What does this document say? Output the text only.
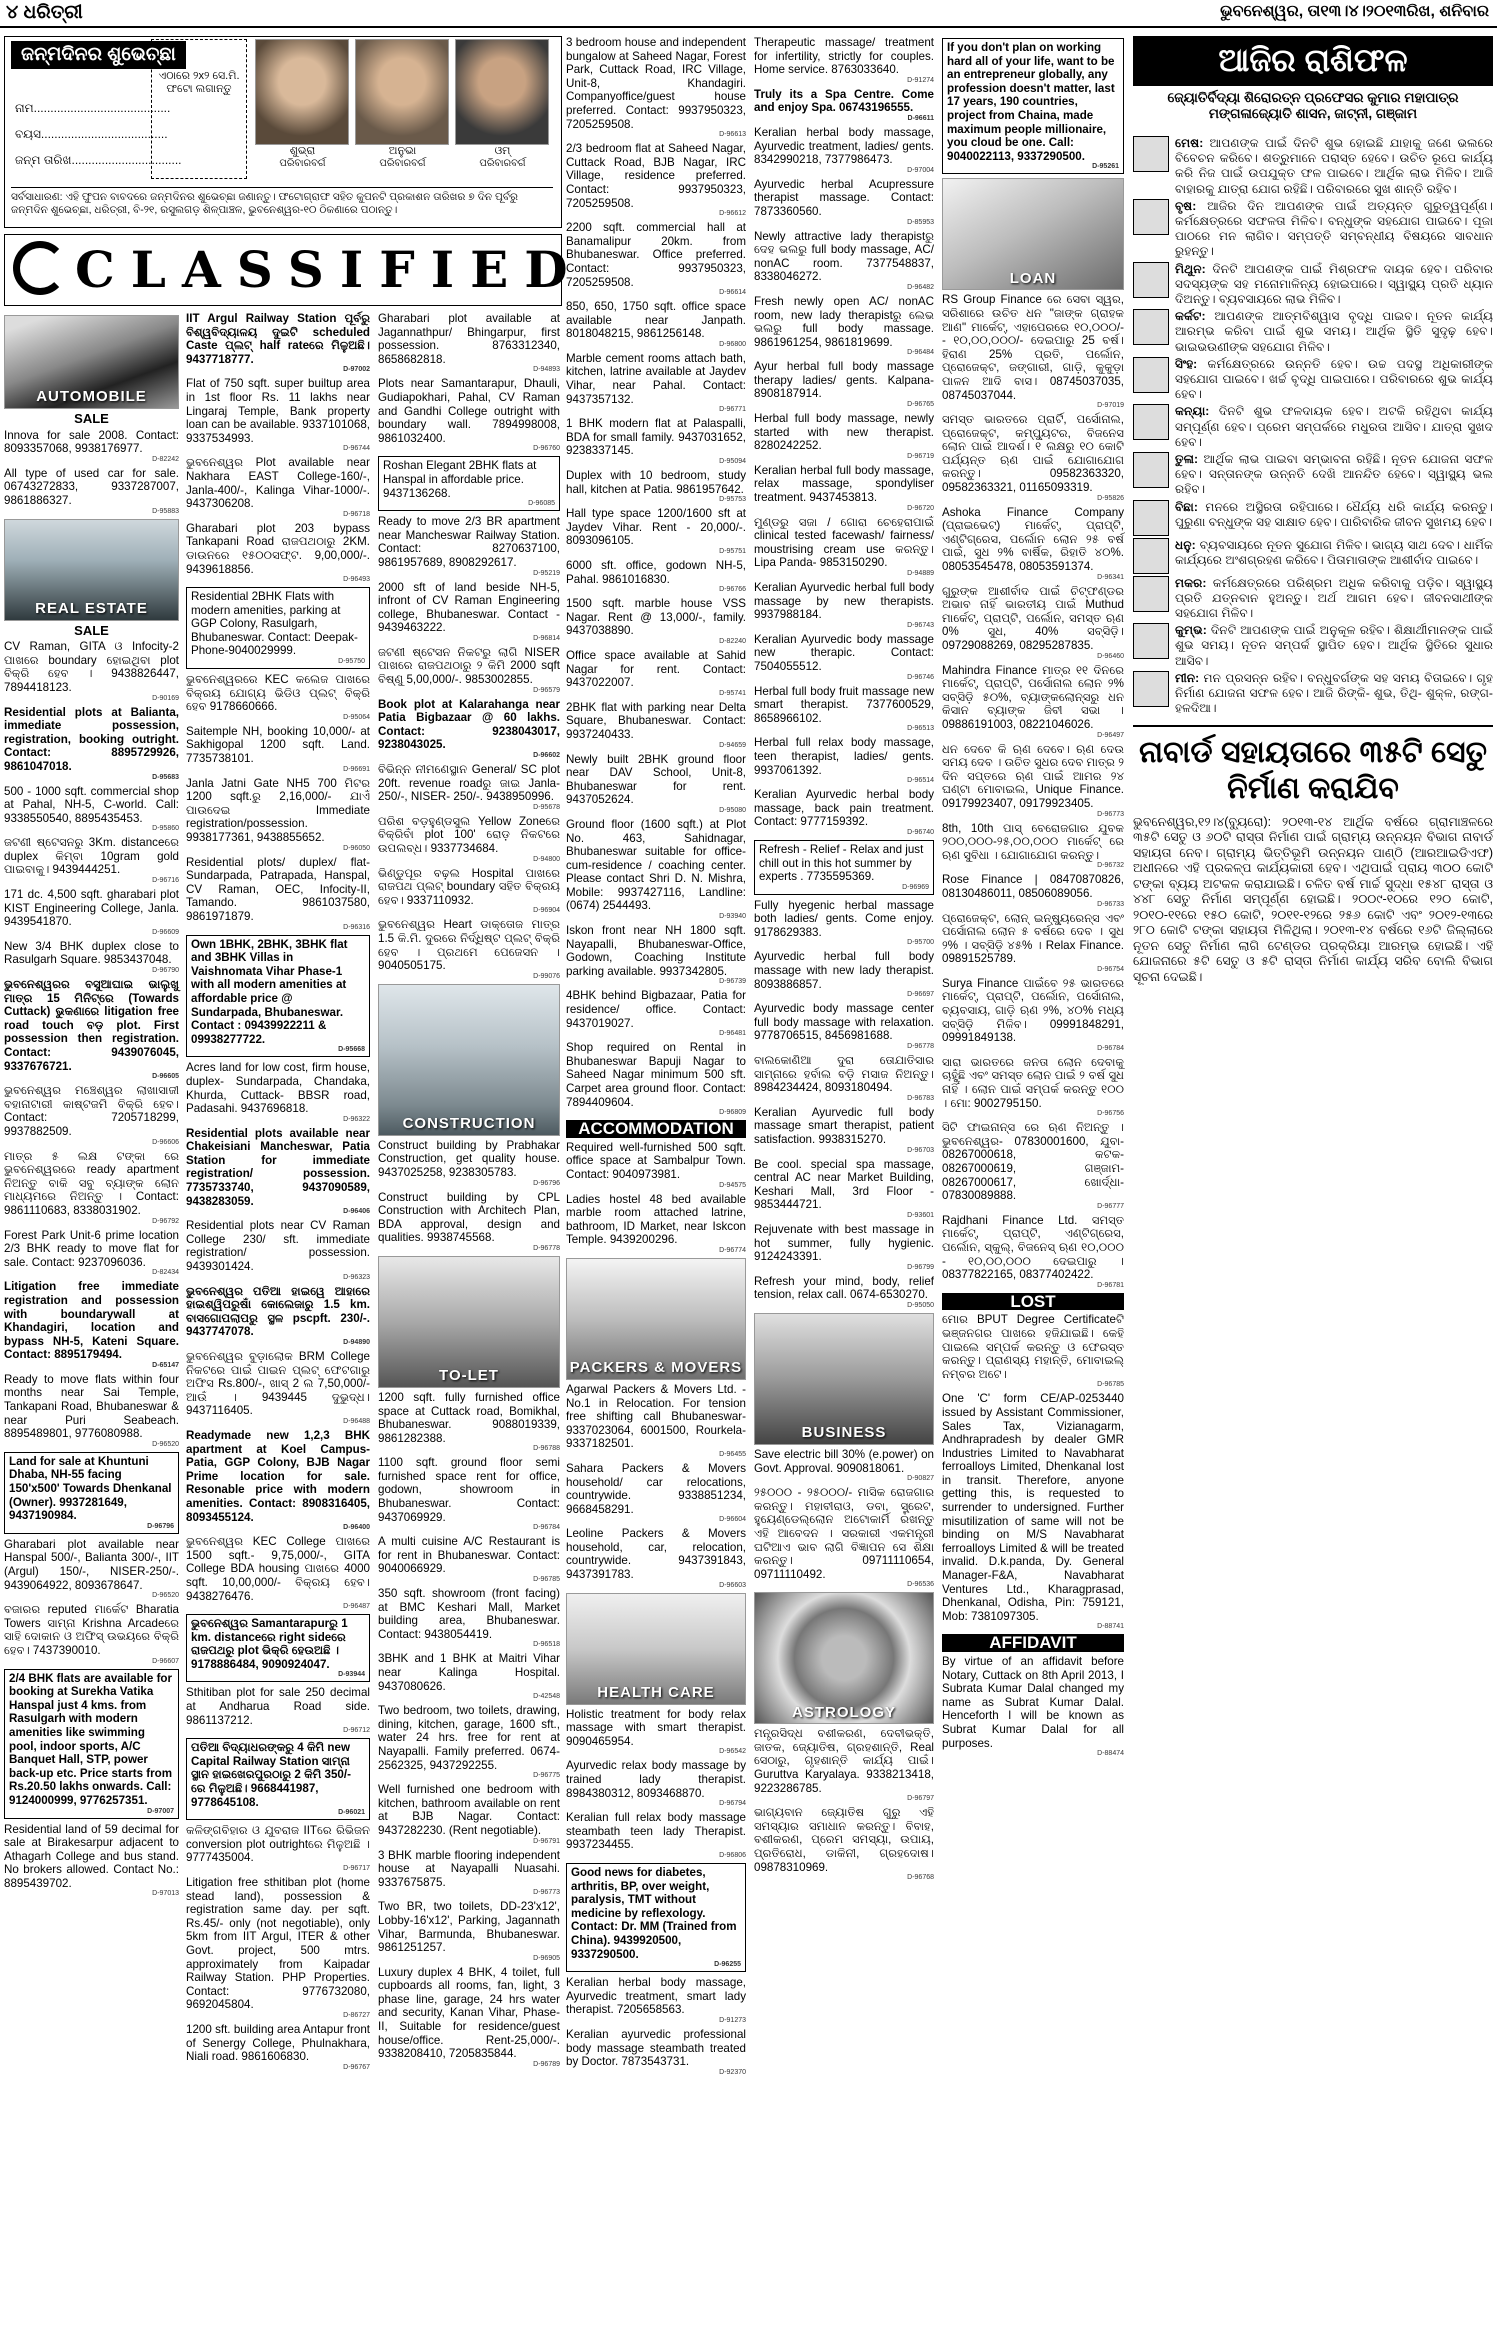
୪ ଧରିତ୍ରୀ	ଭୁବନେଶ୍ୱର, ତା୧୩।୪।୨୦୧୩ରିଖ, ଶନିବାର
ଜନ୍ମଦିନର ଶୁଭେଚ୍ଛା
ନାମ.........................................
ବୟସ......................................
ଜନ୍ମ ତାରିଖ.................................
ଏଠାରେ ୨x୨ ସେ.ମି. ଫଟୋ ଲଗାନ୍ତୁ
ଶୁଭ୍ରା
ପରିବାରବର୍ଗ
ଅନୁଭା
ପରିବାରବର୍ଗ
ଓମ୍
ପରିବାରବର୍ଗ
ସର୍ବସାଧାରଣ: ଏହି ଫୁପନ ବାବଦରେ ଜନ୍ମଦିନର ଶୁଭେଚ୍ଛା ଜଣାନ୍ତୁ। ଫଟୋଗ୍ରାଫ ସହିତ କୁପନଟି ପ୍ରକାଶନ ତାରିଖର ୭ ଦିନ ପୂର୍ବରୁ ଜନ୍ମଦିନ ଶୁଭେଚ୍ଛା, ଧରିତ୍ରୀ, ବି-୨୧, ରସୁଲଗଡ଼ ଶିଳ୍ପାଞ୍ଚଳ, ଭୁବନେଶ୍ୱର-୧୦ ଠିକଣାରେ ପଠାନ୍ତୁ।
CLASSIFIED
ଆଜିର ରାଶିଫଳ
ଜ୍ୟୋତିର୍ବିଦ୍ୟା ଶିରୋରତ୍ନ ପ୍ରଫେସର କୁମାର ମହାପାତ୍ର
ମଙ୍ଗଳାଜ୍ୟୋତି ଶାସନ, ଜାଟ୍ନୀ, ଗଞ୍ଜାମ
AUTOMOBILE
SALE

Innova for sale 2008. Contact: 8093357068, 9938176977.
D-82242

All type of used car for sale. 06743272833, 9337287007, 9861886327.
D-95883

REAL ESTATE
SALE

CV Raman, GITA ଓ Infocity-2 ପାଖରେ boundary ହୋଇଥିବା plot ବିକ୍ରି ହେବ । 9438826447, 7894418123.
D-90169

Residential plots at Balianta, immediate possession, registration, booking outright. Contact: 8895729926, 9861047018.
D-95683

500 - 1000 sqft. commercial shop at Pahal, NH-5, C-world. Call: 9338550540, 8895435453.
D-95860

ଜଟଣୀ ଷ୍ଟେସନରୁ 3Km. distanceରେ duplex କିମ୍ବା 10gram gold ପାଇବାକୁ। 9439444251.
D-96716

171 dc. 4,500 sqft. gharabari plot KIST Engineering College, Janla. 9439541870.
D-96609

New 3/4 BHK duplex close to Rasulgarh Square. 9853437048.
D-96790

ଭୁବନେଶ୍ୱରର ବସୁଆଘାଇ ଭାଲୁଖୁ ମାତ୍ର 15 ମିନିଟ୍ରେ (Towards Cuttack) ଭୁକଣାରେ litigation free road touch ବଡ଼ plot. First possession then registration. Contact: 9439076045, 9337676721.
D-96605

ଭୁବନେଶ୍ୱର ମଞ୍ଚେଶ୍ୱର ଲାଖାସାଜୀ ବହାନାଟାରୀ କାଷ୍ଟଜମି ବିକ୍ରି ହେବ। Contact: 7205718299, 9937882509.
D-96606

ମାତ୍ର ୫ ଲକ୍ଷ ଟଙ୍କା ରେ ଭୁବନେଶ୍ୱରରେ ready apartment ନିଅନ୍ତୁ ବାକି ସବୁ ବ୍ୟାଙ୍କ ଲୋନ ମାଧ୍ୟମରେ ନିଅନ୍ତୁ । Contact: 9861110683, 8338031902.
D-96792

Forest Park Unit-6 prime location 2/3 BHK ready to move flat for sale. Contact: 9237096036.
D-82434

Litigation free immediate registration and possession with boundarywall at Khandagiri, location and bypass NH-5, Kateni Square. Contact: 8895179494.
D-65147

Ready to move flats within four months near Sai Temple, Tankapani Road, Bhubaneswar & near Puri Seabeach. 8895489801, 9776080988.
D-96520

Land for sale at Khuntuni Dhaba, NH-55 facing 150'x500' Towards Dhenkanal (Owner). 9937281649, 9437190984.
D-96796

Gharabari plot available near Hanspal 500/-, Balianta 300/-, IIT (Argul) 150/-, NISER-250/-. 9439064922, 8093678647.
D-96520

ବଜାରର reputed ମାର୍କେଟ Bharatia Towers ସାମ୍ନା Krishna Arcadeରେ ସାହି ଦୋକାନ ଓ ଅଫିସ୍ ଉଭୟରେ ବିକ୍ରି ହେବ। 7437390010.
D-96607

2/4 BHK flats are available for booking at Surekha Vatika Hanspal just 4 kms. from Rasulgarh with modern amenities like swimming pool, indoor sports, A/C Banquet Hall, STP, power back-up etc. Price starts from Rs.20.50 lakhs onwards. Call: 9124000999, 9776257351.
D-97007

Residential land of 59 decimal for sale at Birakesarpur adjacent to Athagarh College and bus stand. No brokers allowed. Contact No.: 8895439702.
D-97013

IIT Argul Railway Station ପୂର୍ବରୁ ବିଶ୍ୱବିଦ୍ୟାଳୟ ଦୁଇଟି scheduled Caste ପ୍ଲଟ୍ half rateରେ ମିଳୁଅଛି। 9437718777.
D-97002

Flat of 750 sqft. super builtup area in 1st floor Rs. 11 lakhs near Lingaraj Temple, Bank property loan can be available. 9337101068, 9337534993.
D-96744

ଭୁବନେଶ୍ୱର Plot available near Nakhara EAST College-160/-, Janla-400/-, Kalinga Vihar-1000/-. 9437306208.
D-96718

Gharabari plot 203 bypass Tankapani Road ରାଜପଥଠାରୁ 2KM. ଡାଉନରେ ୧୫୦୦ସଫ୍ଟ. 9,00,000/-. 9439618856.
D-96493

Residential 2BHK Flats with modern amenities, parking at GGP Colony, Rasulgarh, Bhubaneswar. Contact: Deepak- Phone-9040029999.
D-95750

ଭୁବନେଶ୍ୱରରେ KEC କଲେଜ ପାଖରେ ବିକ୍ରୟ ଯୋଗ୍ୟ ଭିଡିଓ ପ୍ଲଟ୍ ବିକ୍ରି ହେବ 9178660666.
D-95064

Saitemple NH, booking 10,000/- at Sakhigopal 1200 sqft. Land. 7735738101.
D-96691

Janla Jatni Gate NH5 700 ମିଟର 1200 sqft.ରୁ 2,16,000/- ଯାଏଁ ପାଉଦେଇ Immediate registration/possession. 9938177361, 9438855652.
D-96050

Residential plots/ duplex/ flat- Sundarpada, Patrapada, Hanspal, CV Raman, OEC, Infocity-II, Tamando. 9861037580, 9861971879.
D-96316

Own 1BHK, 2BHK, 3BHK flat and 3BHK Villas in Vaishnomata Vihar Phase-1 with all modern amenities at affordable price @ Sundarpada, Bhubaneswar. Contact : 09439922211 & 09938277722.
D-95668

Acres land for low cost, firm house, duplex- Sundarpada, Chandaka, Khurda, Cuttack- BBSR road, Padasahi. 9437696818.
D-96322

Residential plots available near Chakeisiani Mancheswar, Patia Station for immediate registration/ possession. 7735733740, 9437090589, 9438283059.
D-96406

Residential plots near CV Raman College 230/ sft. immediate registration/ possession. 9439301424.
D-96323

ଭୁବନେଶ୍ୱର ପତିଆ ହାଇୱେ ଆହାରେ ହାଇଶ୍ୱିପରୁଷାଁ କୋଲେଜାରୁ 1.5 km. ବାସଗୋପଲାପରୁ ସ୍ଥଳ pscpft. 230/-. 9437747078.
D-94890

ଭୁବନେଶ୍ୱର ବୁଡ଼ାଲୋକ BRM College ନିକଟରେ ପାଇଁ ପାଇନ ପ୍ଲଟ୍ ଫେଟଗାରୁ ଅଫିସ Rs.800/-, ଖାସ୍ 2 ଲ 7,50,000/- ଆଉଁ । 9439445 ଦୁଭୁଦ୍ଧ। 9437116405.
D-96488

Readymade new 1,2,3 BHK apartment at Koel Campus- Patia, GGP Colony, BJB Nagar Prime location for sale. Resonable price with modern amenities. Contact: 8908316405, 8093455124.
D-96400

ଭୁବନେଶ୍ୱର KEC College ପାଖରେ 1500 sqft.- 9,75,000/-, GITA College BDA housing ପାଖରେ 4000 sqft. 10,00,000/- ବିକ୍ରୟ ହେବ। 9438276476.
D-96487

ଭୁବନେଶ୍ୱର Samantarapurରୁ 1 km. distanceରେ right sideରେ ରାଜପଥରୁ plot ଭିକ୍ରି ହେଉଅଛି । 9178886484, 9090924047.
D-93944

Sthitiban plot for sale 250 decimal at Andharua Road side. 9861137212.
D-96712

ପତିଆ ବିଦ୍ୟାଧରଙ୍କରୁ 4 କିମି new Capital Railway Station ସାମ୍ନା ସ୍ଥାନ ହାଇଖେରପୁରଠାରୁ 2 କିମି 350/-ରେ ମିଳୁଅଛି। 9668441987, 9778645108.
D-96021

କଳିଙ୍ଗବିହାର ଓ ଯୁବରାଜ IITରେ ରିଭିଜନ conversion plot outrightରେ ମିଳୁଅଛି । 9777435004.
D-96717

Litigation free sthitiban plot (home stead land), possession & registration same day. per sqft. Rs.45/- only (not negotiable), only 5km from IIT Argul, ITER & other Govt. project, 500 mtrs. approximately from Kaipadar Railway Station. PHP Properties. Contact: 9776732080, 9692045804.
D-86727

1200 sft. building area Antapur front of Senergy College, Phulnakhara, Niali road. 9861606830.
D-96767

Gharabari plot available at Jagannathpur/ Bhingarpur, first possession. 8763312340, 8658682818.
D-94893

Plots near Samantarapur, Dhauli, Gudiapokhari, Pahal, CV Raman and Gandhi College outright with boundary wall. 7894998008, 9861032400.
D-96760

Roshan Elegant 2BHK flats at Hanspal in affordable price. 9437136268.
D-96085

Ready to move 2/3 BR apartment near Mancheswar Railway Station. Contact: 8270637100, 9861957689, 8908292617.
D-95219

2000 sft of land beside NH-5, infront of CV Raman Engineering college, Bhubaneswar. Contact - 9439463222.
D-96814

ଜଟଣୀ ଷ୍ଟେସନ ନିକଟରୁ ଲାଗି NISER ପାଖରେ ରାଜପଥଠାରୁ ୨ କିମି 2000 sqft ବିଷ୍ଣୁ 5,00,000/-. 9853002855.
D-96579

Book plot at Kalarahanga near Patia Bigbazaar @ 60 lakhs. Contact: 9238043017, 9238043025.
D-96602

ବିଭିନ୍ନ ନୀମଣେସ୍ଥାନ General/ SC plot 20ft. revenue roadରୁ ଜାଇ Janla-250/-, NISER- 250/-. 9438950996.
D-95678

ପରିଶ ବଡ଼ହୁଣ୍ଡସୁଲ Yellow Zoneରେ ବିକ୍ରିବାଁ plot 100' ରୋଡ଼ ନିକଟରେ ଉପଲବ୍ଧ। 9337734684.
D-94800

ଭିଣ୍ଡୁପୂର ବଢ଼ଲ Hospital ପାଖରେ ରାଜପଥ ପ୍ଲଟ୍ boundary ସହିତ ବିକ୍ରୟ ହେବ। 9337110932.
D-96904

ଭୁବନେଶ୍ୱର Heart ଡାକ୍ତୋଜ ମାତ୍ର 1.5 କି.ମି. ଦୁରରେ ନିର୍ଦ୍ଧିଷ୍ଟ ପ୍ଲଟ୍ ବିକ୍ରି ହେବ । ପ୍ରଥମେ ପେଜେସନ । 9040505175.
D-99076

CONSTRUCTION

Construct building by Prabhakar Construction, get quality house. 9437025258, 9238305783.
D-96796

Construct building by CPL Construction with Architech Plan, BDA approval, design and qualities. 9938745568.
D-96778

TO-LET

1200 sqft. fully furnished office space at Cuttack road, Bomikhal, Bhubaneswar. 9088019339, 9861282388.
D-96788

1100 sqft. ground floor semi furnished space rent for office, godown, showroom in Bhubaneswar. Contact: 9437069929.
D-96784

A multi cuisine A/C Restaurant is for rent in Bhubaneswar. Contact: 9040066929.
D-96785

350 sqft. showroom (front facing) at BMC Keshari Mall, Market building area, Bhubaneswar. Contact: 9438054419.
D-96518

3BHK and 1 BHK at Maitri Vihar near Kalinga Hospital. 9437080626.
D-42548

Two bedroom, two toilets, drawing, dining, kitchen, garage, 1600 sft., water 24 hrs. free for rent at Nayapalli. Family preferred. 0674-2562325, 9437292255.
D-96775

Well furnished one bedroom with kitchen, bathroom available on rent at BJB Nagar. Contact: 9437282230. (Rent negotiable).
D-96791

3 BHK marble flooring independent house at Nayapalli Nuasahi. 9337675875.
D-96773

Two BR, two toilets, DD-23'x12', Lobby-16'x12', Parking, Jagannath Vihar, Barmunda, Bhubaneswar. 9861251257.
D-96905

Luxury duplex 4 BHK, 4 toilet, full cupboards all rooms, fan, light, 3 phase line, garage, 24 hrs water and security, Kanan Vihar, Phase-II, Suitable for residence/guest house/office. Rent-25,000/-. 9338208410, 7205835844.
D-96789

3 bedroom house and independent bungalow at Saheed Nagar, Forest Park, Cuttack Road, IRC Village, Unit-8, Khandagiri. Companyoffice/guest house preferred. Contact: 9937950323, 7205259508.
D-96613

2/3 bedroom flat at Saheed Nagar, Cuttack Road, BJB Nagar, IRC Village, residence preferred. Contact: 9937950323, 7205259508.
D-96612

2200 sqft. commercial hall at Banamalipur 20km. from Bhubaneswar. Office preferred. Contact: 9937950323, 7205259508.
D-96614

850, 650, 1750 sqft. office space available near Janpath. 8018048215, 9861256148.
D-96800

Marble cement rooms attach bath, kitchen, latrine available at Jaydev Vihar, near Pahal. Contact: 9437357132.
D-96771

1 BHK modern flat at Palaspalli, BDA for small family. 9437031652, 9238337145.
D-95094

Duplex with 10 bedroom, study hall, kitchen at Patia. 9861957642.
D-95753

Hall type space 1200/1600 sft at Jaydev Vihar. Rent - 20,000/-. 8093096105.
D-95751

6000 sft. office, godown NH-5, Pahal. 9861016830.
D-96766

1500 sqft. marble house VSS Nagar. Rent @ 13,000/-, family. 9437038890.
D-82240

Office space available at Sahid Nagar for rent. Contact: 9437022007.
D-95741

2BHK flat with parking near Delta Square, Bhubaneswar. Contact: 9937240433.
D-94659

Newly built 2BHK ground floor near DAV School, Unit-8, Bhubaneswar for rent. 9437052624.
D-95080

Ground floor (1600 sqft.) at Plot No. 463, Sahidnagar, Bhubaneswar suitable for office-cum-residence / coaching center. Please contact Shri D. N. Mishra, Mobile: 9937427116, Landline: (0674) 2544493.
D-93940

Iskon front near NH 1800 sqft. Nayapalli, Bhubaneswar-Office, Godown, Coaching Institute parking available. 9937342805.
D-96739

4BHK behind Bigbazaar, Patia for residence/ office. Contact: 9437019027.
D-96481

Shop required on Rental in Bhubaneswar Bapuji Nagar to Saheed Nagar minimum 500 sft. Carpet area ground floor. Contact: 7894409604.
D-96809

ACCOMMODATION

Required well-furnished 500 sqft. office space at Sambalpur Town. Contact: 9040973981.
D-94575

Ladies hostel 48 bed available marble room attached latrine, bathroom, ID Market, near Iskcon Temple. 9439200296.
D-96774

PACKERS & MOVERS

Agarwal Packers & Movers Ltd. - No.1 in Relocation. For tension free shifting call Bhubaneswar- 9337023064, 6001500, Rourkela- 9337182501.
D-96455

Sahara Packers & Movers household/ car relocations, countrywide. 9338851234, 9668458291.
D-96604

Leoline Packers & Movers household, car, relocation, countrywide. 9437391843, 9437391783.
D-96603

HEALTH CARE

Holistic treatment for body relax massage with smart therapist. 9090465954.
D-96542

Ayurvedic relax body massage by trained lady therapist. 8984380312, 8093468870.
D-96794

Keralian full relax body massage steambath teen lady Therapist. 9937234455.
D-96806

Good news for diabetes, arthritis, BP, over weight, paralysis, TMT without medicine by reflexology. Contact: Dr. MM (Trained from China). 9439920500, 9337290500.
D-96255

Keralian herbal body massage, Ayurvedic treatment, smart lady therapist. 7205658563.
D-91273

Keralian ayurvedic professional body massage steambath treated by Doctor. 7873543731.
D-92370

Therapeutic massage/ treatment for infertility, strictly for couples. Home service. 8763033640.
D-91274

Truly its a Spa Centre. Come and enjoy Spa. 06743196555.
D-96611

Keralian herbal body massage, Ayurvedic treatment, ladies/ gents. 8342990218, 7377986473.
D-97004

Ayurvedic herbal Acupressure therapist massage. Contact: 7873360560.
D-85953

Newly attractive lady therapistରୁ ଦେହ ଭଲରୁ full body massage, AC/ nonAC room. 7377548837, 8338046272.
D-96482

Fresh newly open AC/ nonAC room, new lady therapistରୁ ଲେଭ ଭଲରୁ full body massage. 9861961254, 9861819699.
D-96484

Ayur herbal full body massage therapy ladies/ gents. Kalpana- 8908187914.
D-96765

Herbal full body massage, newly started with new therapist. 8280242252.
D-96719

Keralian herbal full body massage, relax massage, spondyliser treatment. 9437453813.
D-96720

ମୁଣ୍ଡରୁ ସଜା / ଗୋରା ଚେହେରାପାଇଁ clinical tested facewash/ fairness/ moustrising cream use କରନ୍ତୁ। Lipa Panda- 9853150290.
D-94889

Keralian Ayurvedic herbal full body massage by new therapists. 9937988184.
D-96743

Keralian Ayurvedic body massage new therapic. Contact: 7504055512.
D-96746

Herbal full body fruit massage new smart therapist. 7377600529, 8658966102.
D-96513

Herbal full relax body massage, teen therapist, ladies/ gents. 9937061392.
D-96514

Keralian Ayurvedic herbal body massage, back pain treatment. Contact: 9777159392.
D-96740

Refresh - Relief - Relax and just chill out in this hot summer by experts . 7735595369.
D-96969

Fully hyegenic herbal massage both ladies/ gents. Come enjoy. 9178629383.
D-95700

Ayurvedic herbal full body massage with new lady therapist. 8093886857.
D-96697

Ayurvedic body massage center full body massage with relaxation. 9778706515, 8456981688.
D-96778

ବାଲକୋଣିଆ ଦୁରା ତୋଯାତିସାର ସାମ୍ନାରେ ହର୍ବାଲ ବଡ଼ି ମସାଜ ନିଅନ୍ତୁ। 8984234424, 8093180494.
D-96783

Keralian Ayurvedic full body massage smart therapist, patient satisfaction. 9938315270.
D-96703

Be cool. special spa massage, central AC near Market Building, Keshari Mall, 3rd Floor - 9853444721.
D-93601

Rejuvenate with best massage in hot summer, fully hygienic. 9124243391.
D-96799

Refresh your mind, body, relief tension, relax call. 0674-6530270.
D-95050

BUSINESS

Save electric bill 30% (e.power) on Govt. Approval. 9090818061.
D-90827

୨୫୦୦୦ - ୨୫୦୦୦/- ମାସିକ ରୋଜଗାର କରନ୍ତୁ। ମହାବୀରାଓ, ଡବା, ସ୍ଟ୍ରେଟ, ହୁୟେଣ୍ଡେଲ୍ଲୋନ ଅଟୋକାର୍ମି ରଖନ୍ତୁ ଏହି ଆବେଦନ । ସରକାରୀ ଏକମନ୍ତ୍ରୀ ଘଟିଆଏ ଭାବ ଲାଗି ବିଜ୍ଞାପନ ସେ ଶିକ୍ଷା କରନ୍ତୁ। 09711110654, 09711110492.
D-96536

ASTROLOGY

ମନ୍ତ୍ରସିଦ୍ଧ ବଶୀକରଣ, ଦେବୀଭକ୍ତି, ଜାତକ, ଜ୍ୟୋତିଷ, ଗ୍ରହଶାନ୍ତି, Real ସେଠାରୁ, ଗୃହଶାନ୍ତି କାର୍ଯ୍ୟ ପାଇଁ। Guruttva Karyalaya. 9338213418, 9223286785.
D-96797

ଭାଗ୍ୟବାନ ଜ୍ୟୋତିଷ ଗୁରୁ ଏହି ସମସ୍ୟାର ସମାଧାନ କରନ୍ତୁ। ବିବାହ, ବଶୀକରଣ, ପ୍ରେମ ସମସ୍ୟା, ଉପାୟ, ପ୍ରତିରୋଧ, ଡାକିନୀ, ଗ୍ରହଦୋଷ। 09878310969.
D-96768

If you don't plan on working hard all of your life, want to be an entrepreneur globally, any profession doesn't matter, last 17 years, 190 countries, project from Chaina, made maximum people millionaire, you cloud be one. Call: 9040022113, 9337290500.
D-95261
LOAN

RS Group Finance ରେ ସେବା ସ୍ୱର, ସରିଶାରେ ଉଚିତ ଧନ "ଜାଙ୍କ ଗ୍ରାହକ ଆଣ" ମାର୍କେଟ୍, ଏହାପେରରେ ୧୦,୦୦୦/- - ୧୦,୦୦,୦୦୦/- ଦେଇପାରୁ 25 ବର୍ଷ। ହିରାଣ 25% ପ୍ରତି, ପର୍ଲୋନ, ପ୍ରୋଜେକ୍ଟ, ଜଙ୍ଗାରୀ, ଗାଡ଼ି, କୁକୁଡ଼ା ପାଳନ ଆଦି ବାସ। 08745037035, 08745037044.
D-97019

ସମସ୍ତ ଭାରତରେ ପ୍ରାର୍ଟି, ପର୍ସୋନାଲ, ପ୍ରୋଜେକ୍ଟ, କମ୍ପ୍ୟୁଟର, ବିଜନେସ ଲୋନ ପାଇଁ ଆଦର୍ଶ। ୧ ଲକ୍ଷରୁ ୧୦ କୋଟି ପର୍ଯ୍ୟନ୍ତ ଋଣ ପାଇଁ ଯୋଗାଯୋଗ କରନ୍ତୁ। 09582363320, 09582363321, 01165093319.
D-95826

Ashoka Finance Company (ପ୍ରାଇଭେଟ୍) ମାର୍କେଟ୍, ପ୍ରାପ୍ଟି, ଏଣ୍ଟିଗ୍ରେସ, ପର୍ଲୋନ ଲୋନ ୨୫ ବର୍ଷ ପାଇଁ, ସୁଧ ୨% ବାର୍ଷିକ, ରିହାତି ୪୦%. 08053545478, 08053591374.
D-96341

ଗୁରୁଙ୍କ ଆଶୀର୍ବାଦ ପାଇଁ ଚିଟ୍ଫଣ୍ଡର ଅଭାବ ନାହିଁ ଭାରତୀୟ ପାଇଁ Muthud ମାର୍କେଟ୍, ପ୍ରାପ୍ଟି, ପର୍ଲୋନ, ସମସ୍ତ ଋଣ 0% ସୁଧ, 40% ସବ୍ସିଡ଼ି। 09729088269, 08295287835.
D-96460

Mahindra Finance ମାତ୍ର ୧୧ ଦିନରେ ମାର୍କେଟ୍, ପ୍ରାପ୍ଟି, ପର୍ସୋନାଲ ଲୋନ ୨% ସବ୍ସିଡ଼ି ୫୦%, ବ୍ୟାଙ୍କଲୋନ୍ସରୁ ଧନ କିସାନ ବ୍ୟାଙ୍କ ଜିବୀ ସଭା । 09886191003, 08221046026.
D-96497

ଧନ ଦେବେ କି ଋଣ ଦେବେ। ଋଣ ଦେଉ ସମୟ ଦେବ । ଉଚିତ ସୁଧର ଦେବ ମାତ୍ର ୨ ଦିନ ସପ୍ତରେ ଋଣ ପାଇଁ ଆମର ୨୪ ଘଣ୍ଟା ମୋବାଇଲ, Unique Finance. 09179923407, 09179923405.
D-96773

8th, 10th ପାସ୍ ବେରୋଜଗାର ଯୁବକ ୨୦୦,୦୦୦-୨୫,୦୦,୦୦୦ ମାର୍କେଟ୍ ରେ ଋଣ ସୁବିଧା । ଯୋଗାଯୋଗ କରନ୍ତୁ।
D-96732

Rose Finance | 08470870826, 08130486011, 08506089056.
D-96733

ପ୍ରୋଜେକ୍ଟ, ଲୋନ୍ ଇନ୍ଷ୍ୟୁରେନ୍ସ ଏବଂ ପର୍ସୋନାଲ ଲୋନ ୫ ବର୍ଷରେ ଦେବ । ସୁଧ ୨% । ସବ୍ସିଡ଼ି ୪୫% । Relax Finance. 09891525789.
D-96754

Surya Finance ପାଇଁବେ ୨୫ ଭାରତରେ ମାର୍କେଟ୍, ପ୍ରାପ୍ଟି, ପର୍ଲୋନ, ପର୍ସୋନାଲ, ବ୍ୟବସାୟ, ଗାଡ଼ି ଋଣ ୨%, ୪୦% ମଧ୍ୟ ସବ୍ସିଡ଼ି ମିଳିବ। 09991848291, 09991849138.
D-96784

ସାରା ଭାରତରେ ଜନତା ଲୋନ ଦେବାକୁ ଚାହୁଁଛି ଏବଂ ସମସ୍ତ ଲୋନ ପାଇଁ ୨ ବର୍ଷ ସୁଧ ନାହିଁ । ଲୋନ ପାଇଁ ସମ୍ପର୍କ କରନ୍ତୁ ୧୦୦ । ମୋ: 9002795150.
D-96756

ସିଟି ଫାଇନାନ୍ସ ରେ ଋଣ ନିଅନ୍ତୁ । ଭୁବନେଶ୍ୱର- 07830001600, ଯୁବା- 08267000618, କଟକ- 08267000619, ଗଞ୍ଜାମ- 08267000617, ଖୋର୍ଦ୍ଧା- 07830089888.
D-96777

Rajdhani Finance Ltd. ସମସ୍ତ ମାର୍କେଟ୍, ପ୍ରାପ୍ଟି, ଏଣ୍ଟିଗ୍ରେସ, ପର୍ଲୋନ, ସ୍କୁଲ୍, ବିଜନେସ୍ ଋଣ ୧୦,୦୦୦ - ୧୦,୦୦,୦୦୦ ଦେଇପାରୁ । 08377822165, 08377402422.
D-96781

LOST

ମୋର BPUT Degree Certificateଟି ଭଞ୍ଜନଗର ପାଖରେ ହଜିଯାଇଛି। କେହି ପାଇଲେ ସମ୍ପର୍କ କରନ୍ତୁ ଓ ଫେରସ୍ତ କରନ୍ତୁ। ପ୍ରାଣସ୍ୟ ମହାନ୍ତି, ମୋବାଇଲ୍ ନମ୍ବର ଅଟେ।
D-96785

One 'C' form CE/AP-0253440 issued by Assistant Commissioner, Sales Tax, Vizianagarm, Andhrapradesh by dealer GMR Industries Limited to Navabharat ferroalloys Limited, Dhenkanal lost in transit. Therefore, anyone getting this, is requested to surrender to undersigned. Further misutilization of same will not be binding on M/S Navabharat ferroalloys Limited & will be treated invalid. D.k.panda, Dy. General Manager-F&A, Navabharat Ventures Ltd., Kharagprasad, Dhenkanal, Odisha, Pin: 759121, Mob: 7381097305.
D-88741

AFFIDAVIT

By virtue of an affidavit before Notary, Cuttack on 8th April 2013, I Subrata Kumar Dalal changed my name as Subrat Kumar Dalal. Henceforth I will be known as Subrat Kumar Dalal for all purposes.
D-88474

ମେଷ: ଆପଣଙ୍କ ପାଇଁ ଦିନଟି ଶୁଭ ହୋଇଛି ଯାହାକୁ ଜଣେ ଭଲରେ ବିବେଚନ କରିବେ। ଶତ୍ରୁମାନେ ପରାସ୍ତ ହେବେ। ଉଚିତ ରୂପେ କାର୍ଯ୍ୟ କରି ନିଜ ପାଇଁ ଉପଯୁକ୍ତ ଫଳ ପାଇବେ। ଆର୍ଥିକ ଲାଭ ମିଳିବ। ଆଜି ବାହାରକୁ ଯାତ୍ରା ଯୋଗ ରହିଛି। ପରିବାରରେ ସୁଖ ଶାନ୍ତି ରହିବ।

ବୃଷ: ଆଜିର ଦିନ ଆପଣଙ୍କ ପାଇଁ ଅତ୍ୟନ୍ତ ଗୁରୁତ୍ୱପୂର୍ଣ୍ଣ। କର୍ମକ୍ଷେତ୍ରରେ ସଫଳତା ମିଳିବ। ବନ୍ଧୁଙ୍କ ସହଯୋଗ ପାଇବେ। ପୂଜା ପାଠରେ ମନ ଲାଗିବ। ସମ୍ପତ୍ତି ସମ୍ବନ୍ଧୀୟ ବିଷୟରେ ସାବଧାନ ରୁହନ୍ତୁ।

ମିଥୁନ: ଦିନଟି ଆପଣଙ୍କ ପାଇଁ ମିଶ୍ରଫଳ ଦାୟକ ହେବ। ପରିବାର ସଦସ୍ୟଙ୍କ ସହ ମନୋମାଳିନ୍ୟ ହୋଇପାରେ। ସ୍ୱାସ୍ଥ୍ୟ ପ୍ରତି ଧ୍ୟାନ ଦିଅନ୍ତୁ। ବ୍ୟବସାୟରେ ଲାଭ ମିଳିବ।

କର୍କଟ: ଆପଣଙ୍କ ଆତ୍ମବିଶ୍ୱାସ ବୃଦ୍ଧି ପାଇବ। ନୂତନ କାର୍ଯ୍ୟ ଆରମ୍ଭ କରିବା ପାଇଁ ଶୁଭ ସମୟ। ଆର୍ଥିକ ସ୍ଥିତି ସୁଦୃଢ଼ ହେବ। ଭାଇଭଉଣୀଙ୍କ ସହଯୋଗ ମିଳିବ।

ସିଂହ: କର୍ମକ୍ଷେତ୍ରରେ ଉନ୍ନତି ହେବ। ଉଚ୍ଚ ପଦସ୍ଥ ଅଧିକାରୀଙ୍କ ସହଯୋଗ ପାଇବେ। ଖର୍ଚ୍ଚ ବୃଦ୍ଧି ପାଇପାରେ। ପରିବାରରେ ଶୁଭ କାର୍ଯ୍ୟ ହେବ।

କନ୍ୟା: ଦିନଟି ଶୁଭ ଫଳଦାୟକ ହେବ। ଅଟକି ରହିଥିବା କାର୍ଯ୍ୟ ସମ୍ପୂର୍ଣ୍ଣ ହେବ। ପ୍ରେମ ସମ୍ପର୍କରେ ମଧୁରତା ଆସିବ। ଯାତ୍ରା ସୁଖଦ ହେବ।

ତୁଳା: ଆର୍ଥିକ ଲାଭ ପାଇବା ସମ୍ଭାବନା ରହିଛି। ନୂତନ ଯୋଜନା ସଫଳ ହେବ। ସନ୍ତାନଙ୍କ ଉନ୍ନତି ଦେଖି ଆନନ୍ଦିତ ହେବେ। ସ୍ୱାସ୍ଥ୍ୟ ଭଲ ରହିବ।

ବିଛା: ମନରେ ଅସ୍ଥିରତା ରହିପାରେ। ଧୈର୍ଯ୍ୟ ଧରି କାର୍ଯ୍ୟ କରନ୍ତୁ। ପୁରୁଣା ବନ୍ଧୁଙ୍କ ସହ ସାକ୍ଷାତ ହେବ। ପାରିବାରିକ ଜୀବନ ସୁଖମୟ ହେବ।

ଧନୁ: ବ୍ୟବସାୟରେ ନୂତନ ସୁଯୋଗ ମିଳିବ। ଭାଗ୍ୟ ସାଥ ଦେବ। ଧାର୍ମିକ କାର୍ଯ୍ୟରେ ଅଂଶଗ୍ରହଣ କରିବେ। ପିତାମାତାଙ୍କ ଆଶୀର୍ବାଦ ପାଇବେ।

ମକର: କର୍ମକ୍ଷେତ୍ରରେ ପରିଶ୍ରମ ଅଧିକ କରିବାକୁ ପଡ଼ିବ। ସ୍ୱାସ୍ଥ୍ୟ ପ୍ରତି ଯତ୍ନବାନ ହୁଅନ୍ତୁ। ଅର୍ଥ ଆଗମ ହେବ। ଜୀବନସାଥୀଙ୍କ ସହଯୋଗ ମିଳିବ।

କୁମ୍ଭ: ଦିନଟି ଆପଣଙ୍କ ପାଇଁ ଅନୁକୂଳ ରହିବ। ଶିକ୍ଷାର୍ଥୀମାନଙ୍କ ପାଇଁ ଶୁଭ ସମୟ। ନୂତନ ସମ୍ପର୍କ ସ୍ଥାପିତ ହେବ। ଆର୍ଥିକ ସ୍ଥିତିରେ ସୁଧାର ଆସିବ।

ମୀନ: ମନ ପ୍ରସନ୍ନ ରହିବ। ବନ୍ଧୁବର୍ଗଙ୍କ ସହ ସମୟ ବିତାଇବେ। ଗୃହ ନିର୍ମାଣ ଯୋଜନା ସଫଳ ହେବ। ଆଜି ରିଙ୍କି- ଶୁଭ, ତିଥି- ଶୁକ୍ଳ, ରଙ୍ଗ- ହଳଦିଆ।

ନାବାର୍ଡ ସହାୟତାରେ ୩୫ଟି ସେତୁ ନିର୍ମାଣ କରାଯିବ

ଭୁବନେଶ୍ୱର,୧୨।୪(ବ୍ୟୁରୋ): ୨୦୧୩-୧୪ ଆର୍ଥିକ ବର୍ଷରେ ଗ୍ରାମାଞ୍ଚଳରେ ୩୫ଟି ସେତୁ ଓ ୬୦ଟି ରାସ୍ତା ନିର୍ମାଣ ପାଇଁ ଗ୍ରାମ୍ୟ ଉନ୍ନୟନ ବିଭାଗ ନାବାର୍ଡ ସହାୟତା ନେବ। ଗ୍ରାମ୍ୟ ଭିତ୍ତିଭୂମି ଉନ୍ନୟନ ପାଣ୍ଠି (ଆରଆଇଡିଏଫ) ଅଧୀନରେ ଏହି ପ୍ରକଳ୍ପ କାର୍ଯ୍ୟକାରୀ ହେବ। ଏଥିପାଇଁ ପ୍ରାୟ ୩୦୦ କୋଟି ଟଙ୍କା ବ୍ୟୟ ଅଟକଳ କରାଯାଇଛି। ଚଳିତ ବର୍ଷ ମାର୍ଚ୍ଚ ସୁଦ୍ଧା ୧୫୪୮ ରାସ୍ତା ଓ ୪୪୮ ସେତୁ ନିର୍ମାଣ ସମ୍ପୂର୍ଣ୍ଣ ହୋଇଛି। ୨୦୦୯-୧୦ରେ ୧୨୦ କୋଟି, ୨୦୧୦-୧୧ରେ ୧୫୦ କୋଟି, ୨୦୧୧-୧୨ରେ ୨୫୬ କୋଟି ଏବଂ ୨୦୧୨-୧୩ରେ ୨୮୦ କୋଟି ଟଙ୍କା ସହାୟତା ମିଳିଥିଲା। ୨୦୧୩-୧୪ ବର୍ଷରେ ୧୬ଟି ଜିଲ୍ଲାରେ ନୂତନ ସେତୁ ନିର୍ମାଣ ଲାଗି ଟେଣ୍ଡର ପ୍ରକ୍ରିୟା ଆରମ୍ଭ ହୋଇଛି। ଏହି ଯୋଜନାରେ ୫ଟି ସେତୁ ଓ ୫ଟି ରାସ୍ତା ନିର୍ମାଣ କାର୍ଯ୍ୟ ସରିବ ବୋଲି ବିଭାଗ ସୂଚନା ଦେଇଛି।
